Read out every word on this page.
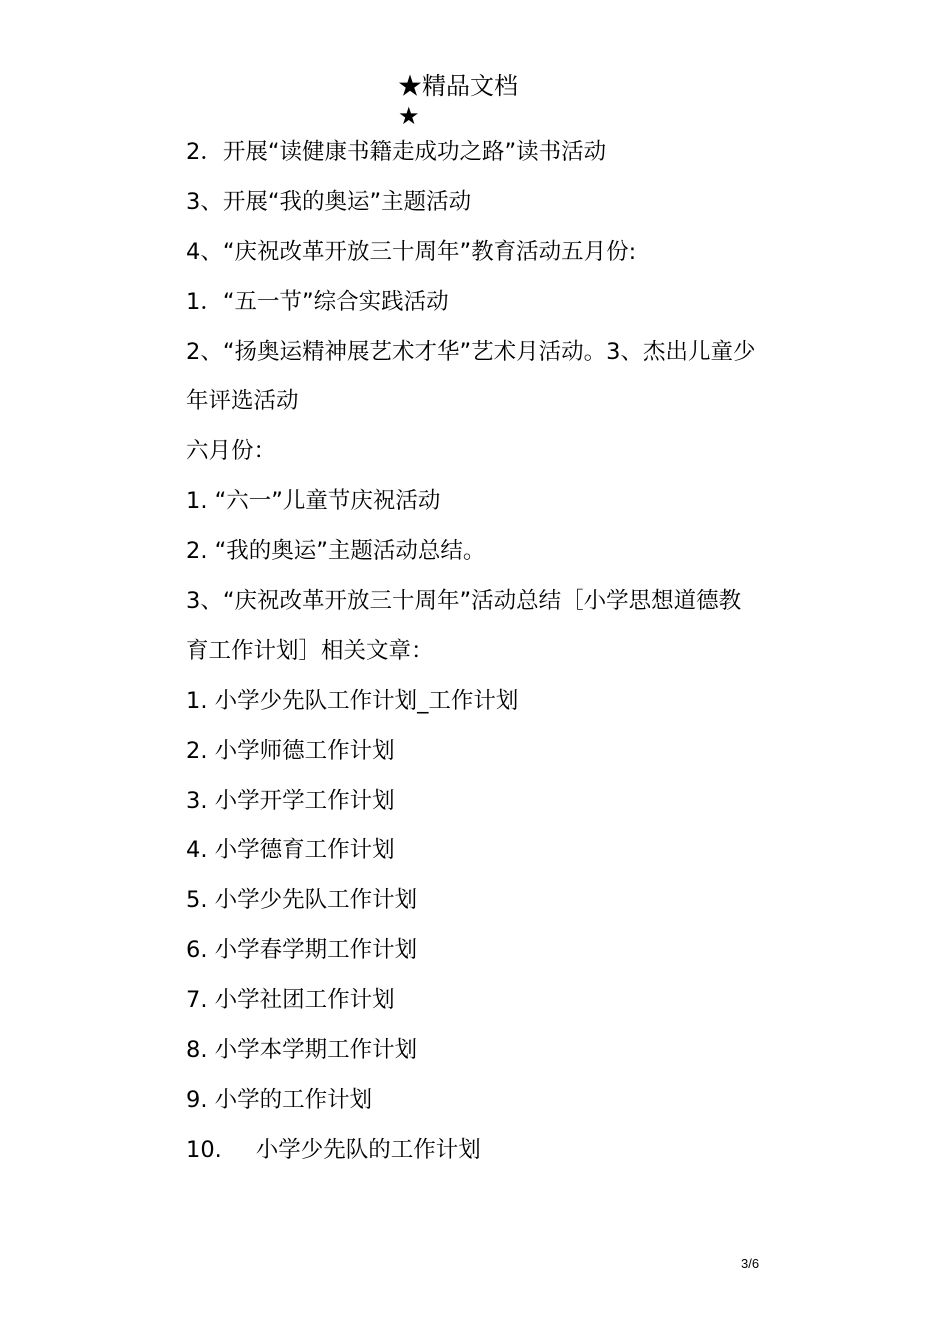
★精品文档
★
2．开展“读健康书籍走成功之路”读书活动
3、开展“我的奥运”主题活动
4、“庆祝改革开放三十周年”教育活动五月份:
1．“五一节”综合实践活动
2、“扬奥运精神展艺术才华”艺术月活动。3、杰出儿童少
年评选活动
六月份：
1. “六一”儿童节庆祝活动
2. “我的奥运”主题活动总结。
3、“庆祝改革开放三十周年”活动总结［小学思想道德教
育工作计划］相关文章：
1. 小学少先队工作计划_工作计划
2. 小学师德工作计划
3. 小学开学工作计划
4. 小学德育工作计划
5. 小学少先队工作计划
6. 小学春学期工作计划
7. 小学社团工作计划
8. 小学本学期工作计划
9. 小学的工作计划
10. 小学少先队的工作计划
3/6
